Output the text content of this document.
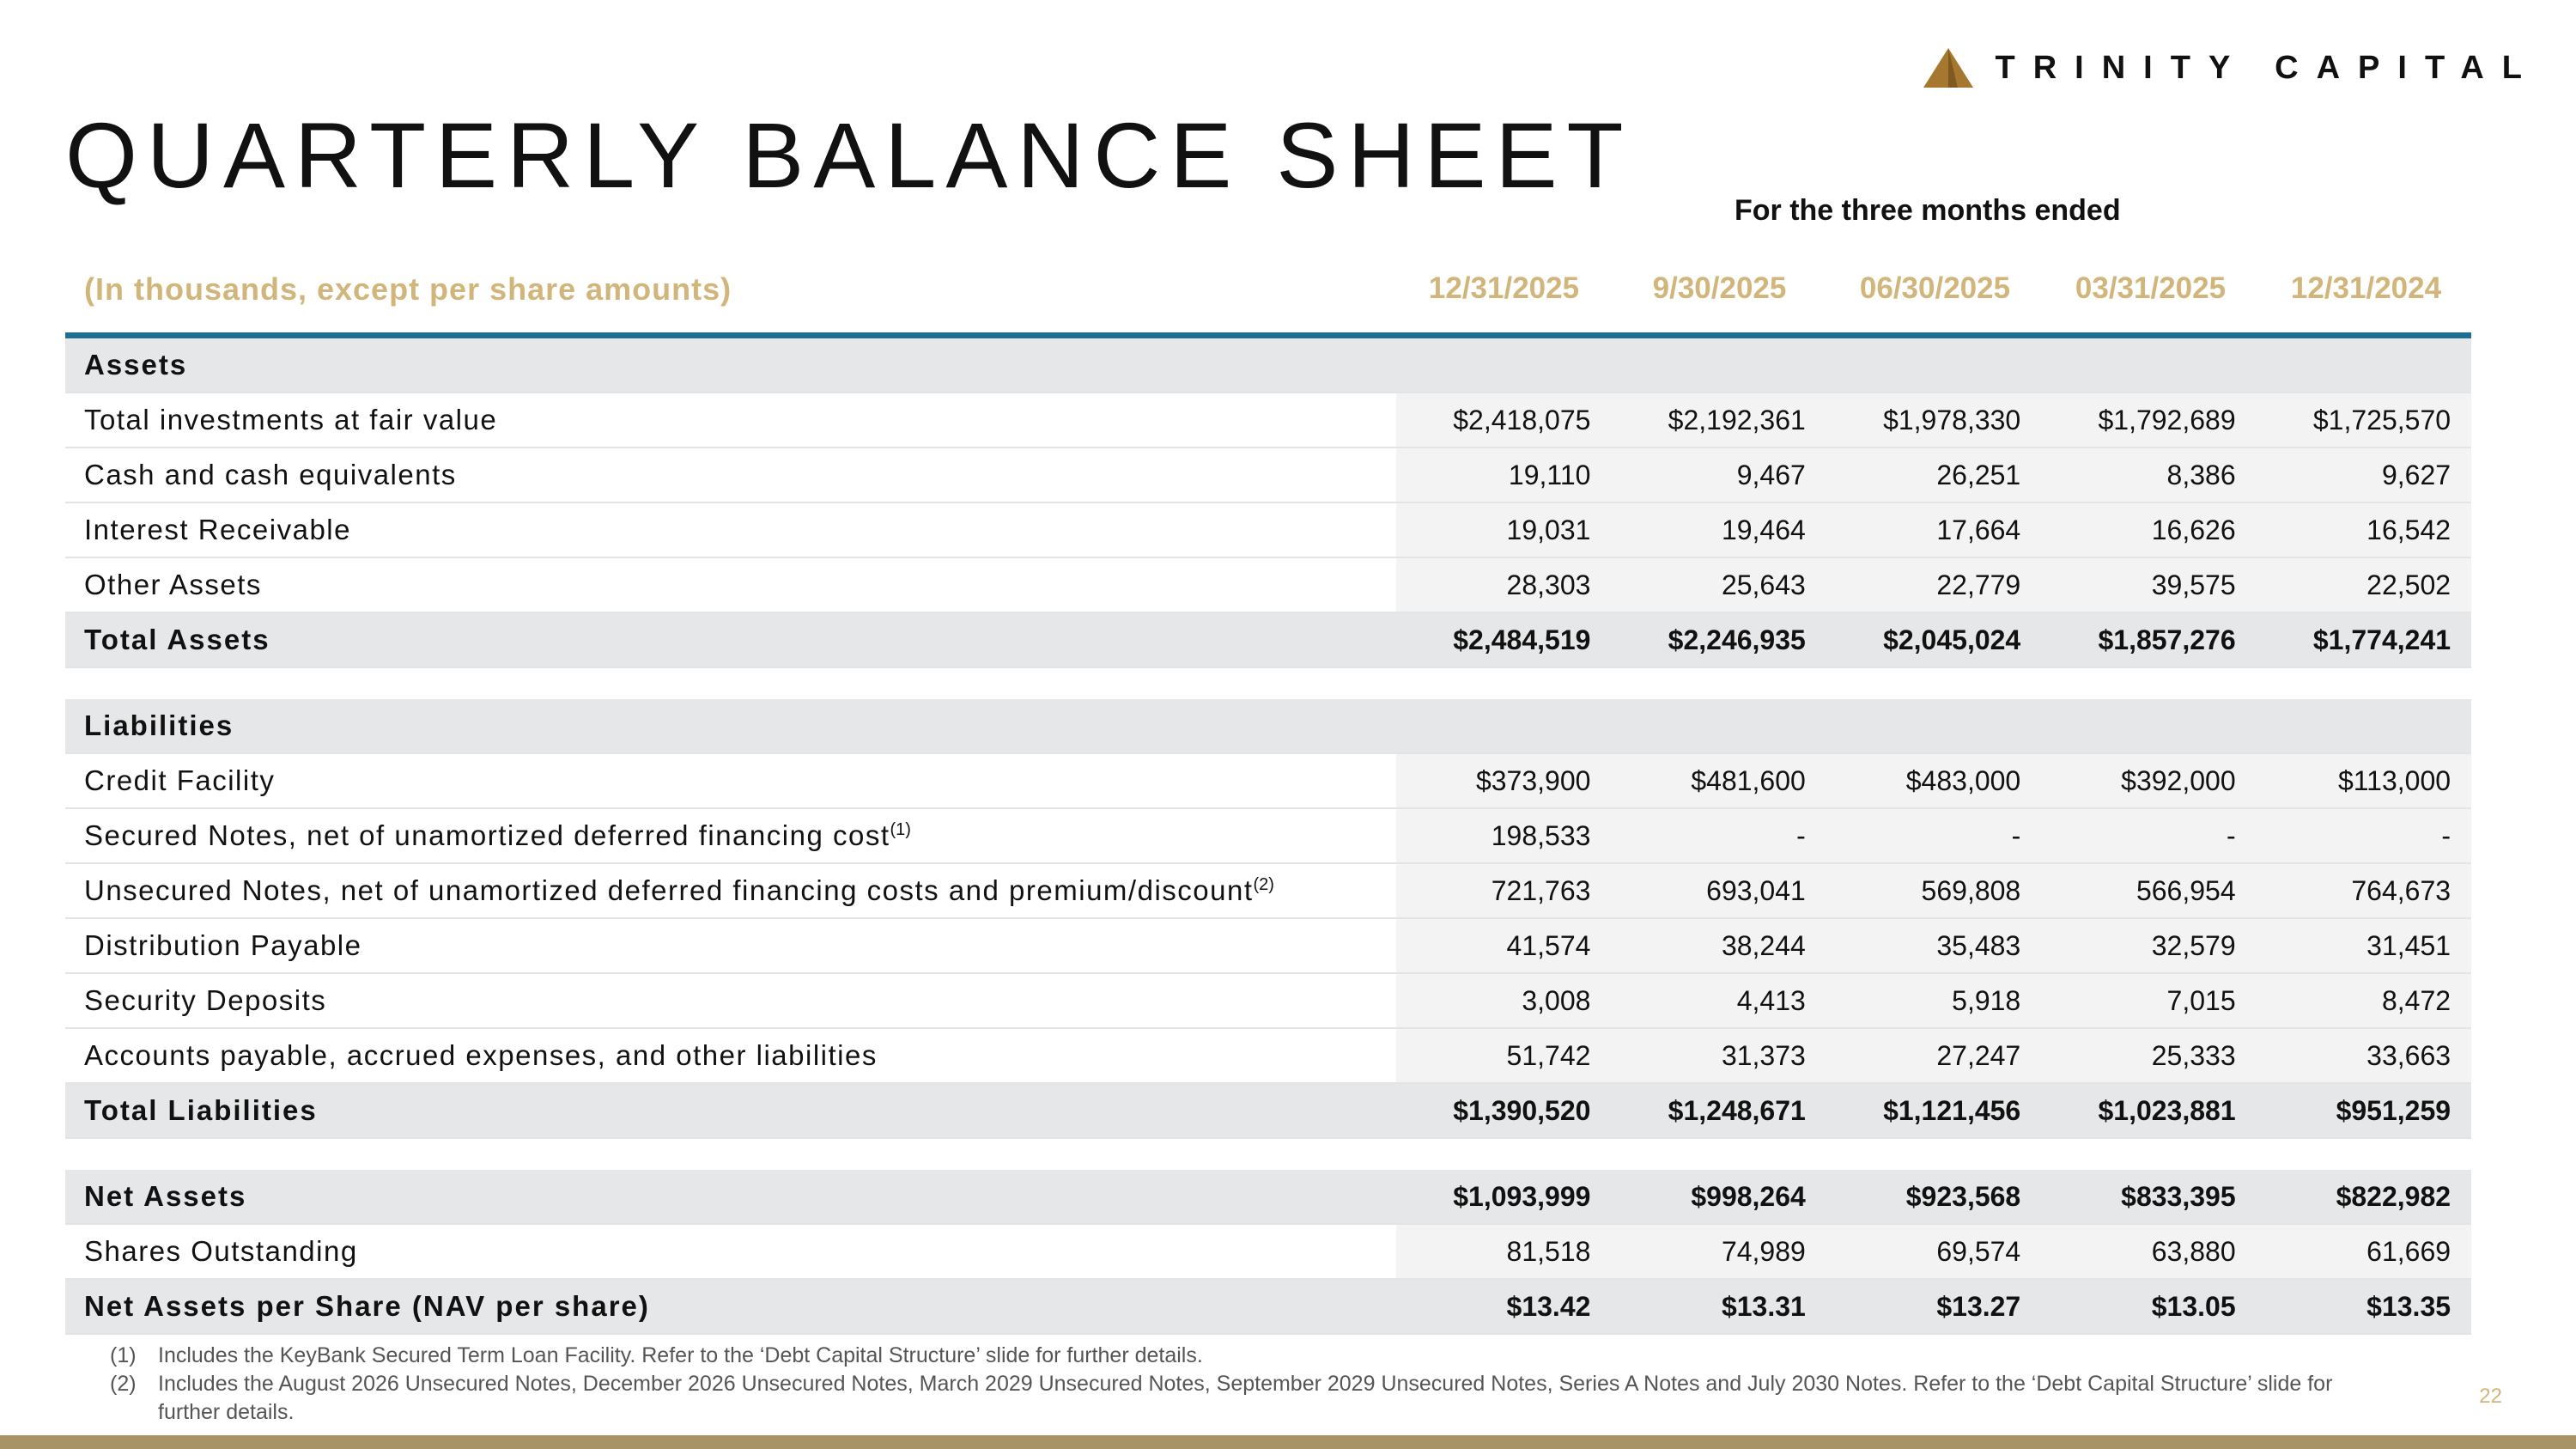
TRINITY CAPITAL
QUARTERLY BALANCE SHEET
For the three months ended
(In thousands, except per share amounts)	12/31/2025	9/30/2025	06/30/2025	03/31/2025	12/31/2024
Assets
Total investments at fair value	$2,418,075	$2,192,361	$1,978,330	$1,792,689	$1,725,570
Cash and cash equivalents	19,110	9,467	26,251	8,386	9,627
Interest Receivable	19,031	19,464	17,664	16,626	16,542
Other Assets	28,303	25,643	22,779	39,575	22,502
Total Assets	$2,484,519	$2,246,935	$2,045,024	$1,857,276	$1,774,241
Liabilities
Credit Facility	$373,900	$481,600	$483,000	$392,000	$113,000
Secured Notes, net of unamortized deferred financing cost$^{(1)}$	198,533	-	-	-	-
Unsecured Notes, net of unamortized deferred financing costs and premium/discount$^{(2)}$	721,763	693,041	569,808	566,954	764,673
Distribution Payable	41,574	38,244	35,483	32,579	31,451
Security Deposits	3,008	4,413	5,918	7,015	8,472
Accounts payable, accrued expenses, and other liabilities	51,742	31,373	27,247	25,333	33,663
Total Liabilities	$1,390,520	$1,248,671	$1,121,456	$1,023,881	$951,259
Net Assets	$1,093,999	$998,264	$923,568	$833,395	$822,982
Shares Outstanding	81,518	74,989	69,574	63,880	61,669
Net Assets per Share (NAV per share)	$13.42	$13.31	$13.27	$13.05	$13.35
(1)	Includes the KeyBank Secured Term Loan Facility. Refer to the ‘Debt Capital Structure’ slide for further details.
(2)	Includes the August 2026 Unsecured Notes, December 2026 Unsecured Notes, March 2029 Unsecured Notes, September 2029 Unsecured Notes, Series A Notes and July 2030 Notes. Refer to the ‘Debt Capital Structure’ slide for further details.
22
